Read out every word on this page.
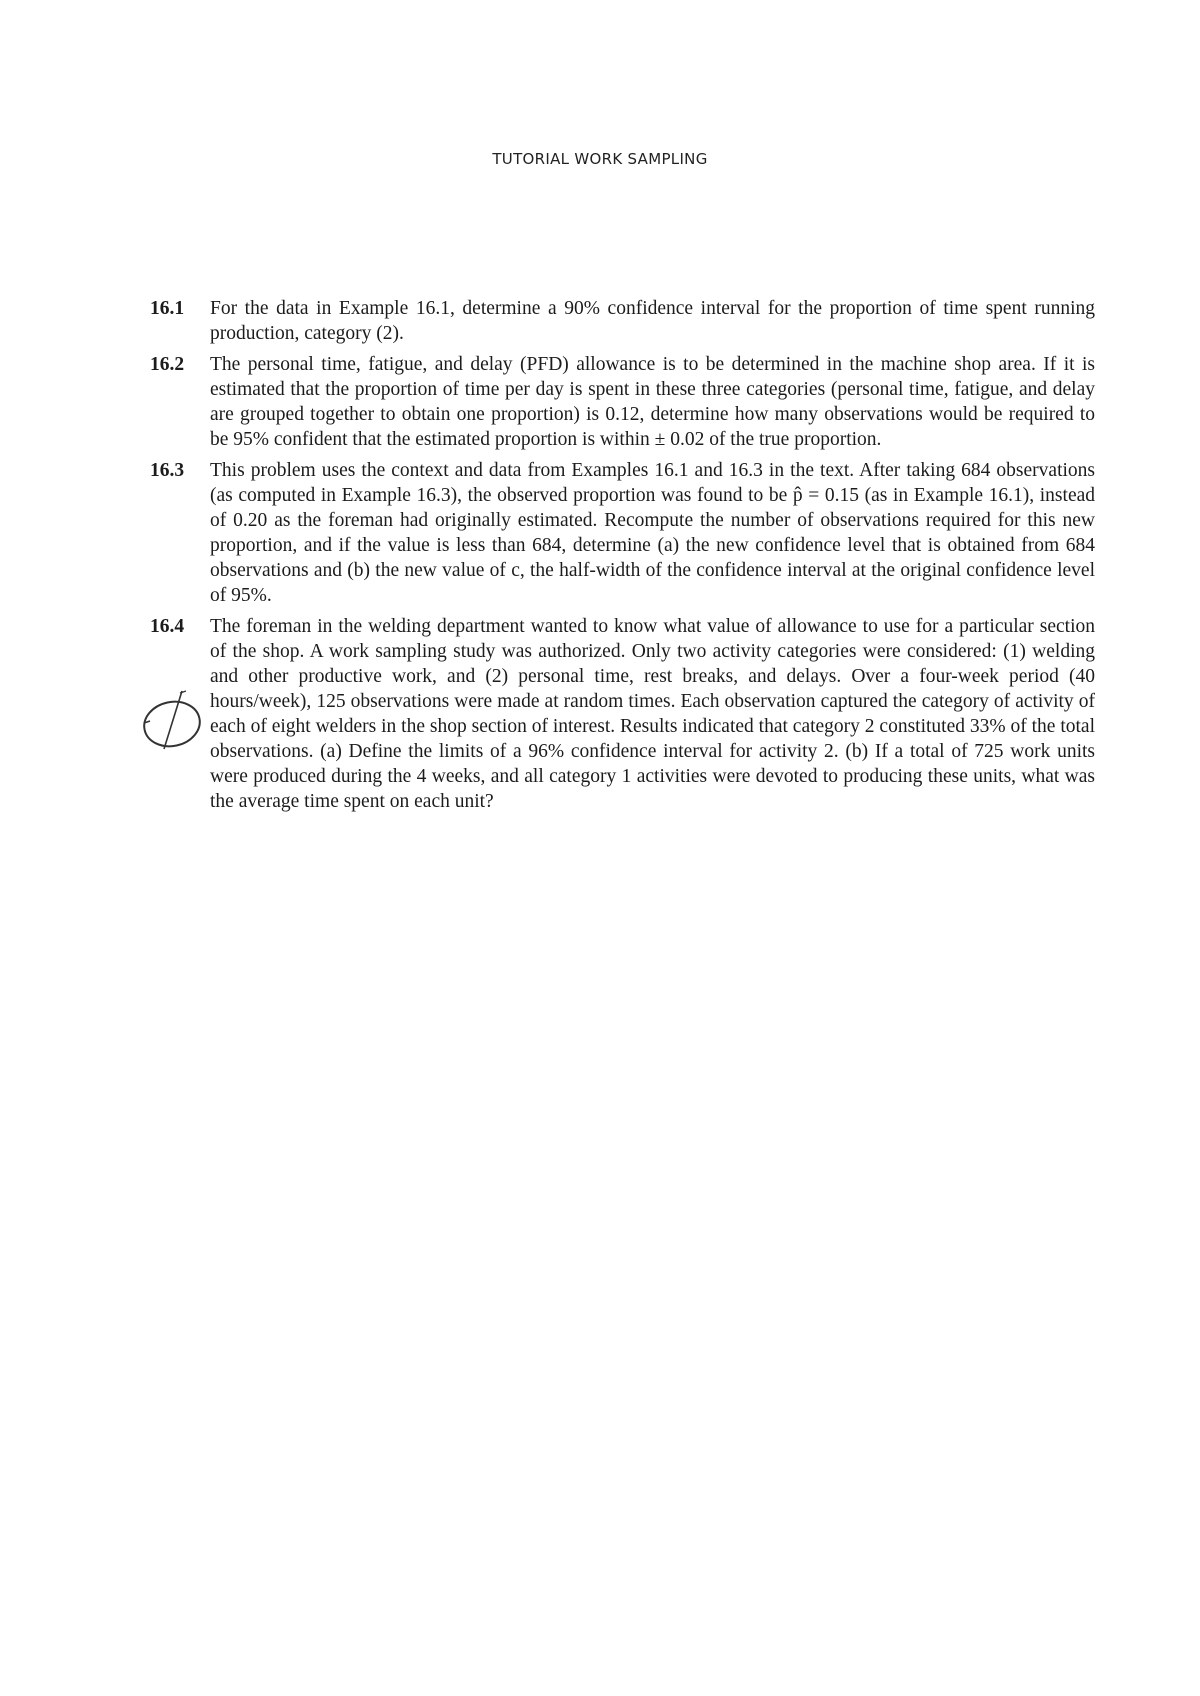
TUTORIAL WORK SAMPLING
16.1	For the data in Example 16.1, determine a 90% confidence interval for the proportion of time spent running production, category (2).
16.2	The personal time, fatigue, and delay (PFD) allowance is to be determined in the machine shop area. If it is estimated that the proportion of time per day is spent in these three categories (personal time, fatigue, and delay are grouped together to obtain one proportion) is 0.12, determine how many observations would be required to be 95% confident that the estimated proportion is within ± 0.02 of the true proportion.
16.3	This problem uses the context and data from Examples 16.1 and 16.3 in the text. After taking 684 observations (as computed in Example 16.3), the observed proportion was found to be p̂ = 0.15 (as in Example 16.1), instead of 0.20 as the foreman had originally estimated. Recompute the number of observations required for this new proportion, and if the value is less than 684, determine (a) the new confidence level that is obtained from 684 observations and (b) the new value of c, the half-width of the confidence interval at the original confidence level of 95%.
16.4	The foreman in the welding department wanted to know what value of allowance to use for a particular section of the shop. A work sampling study was authorized. Only two activity categories were considered: (1) welding and other productive work, and (2) personal time, rest breaks, and delays. Over a four-week period (40 hours/week), 125 observations were made at random times. Each observation captured the category of activity of each of eight welders in the shop section of interest. Results indicated that category 2 constituted 33% of the total observations. (a) Define the limits of a 96% confidence interval for activity 2. (b) If a total of 725 work units were produced during the 4 weeks, and all category 1 activities were devoted to producing these units, what was the average time spent on each unit?
